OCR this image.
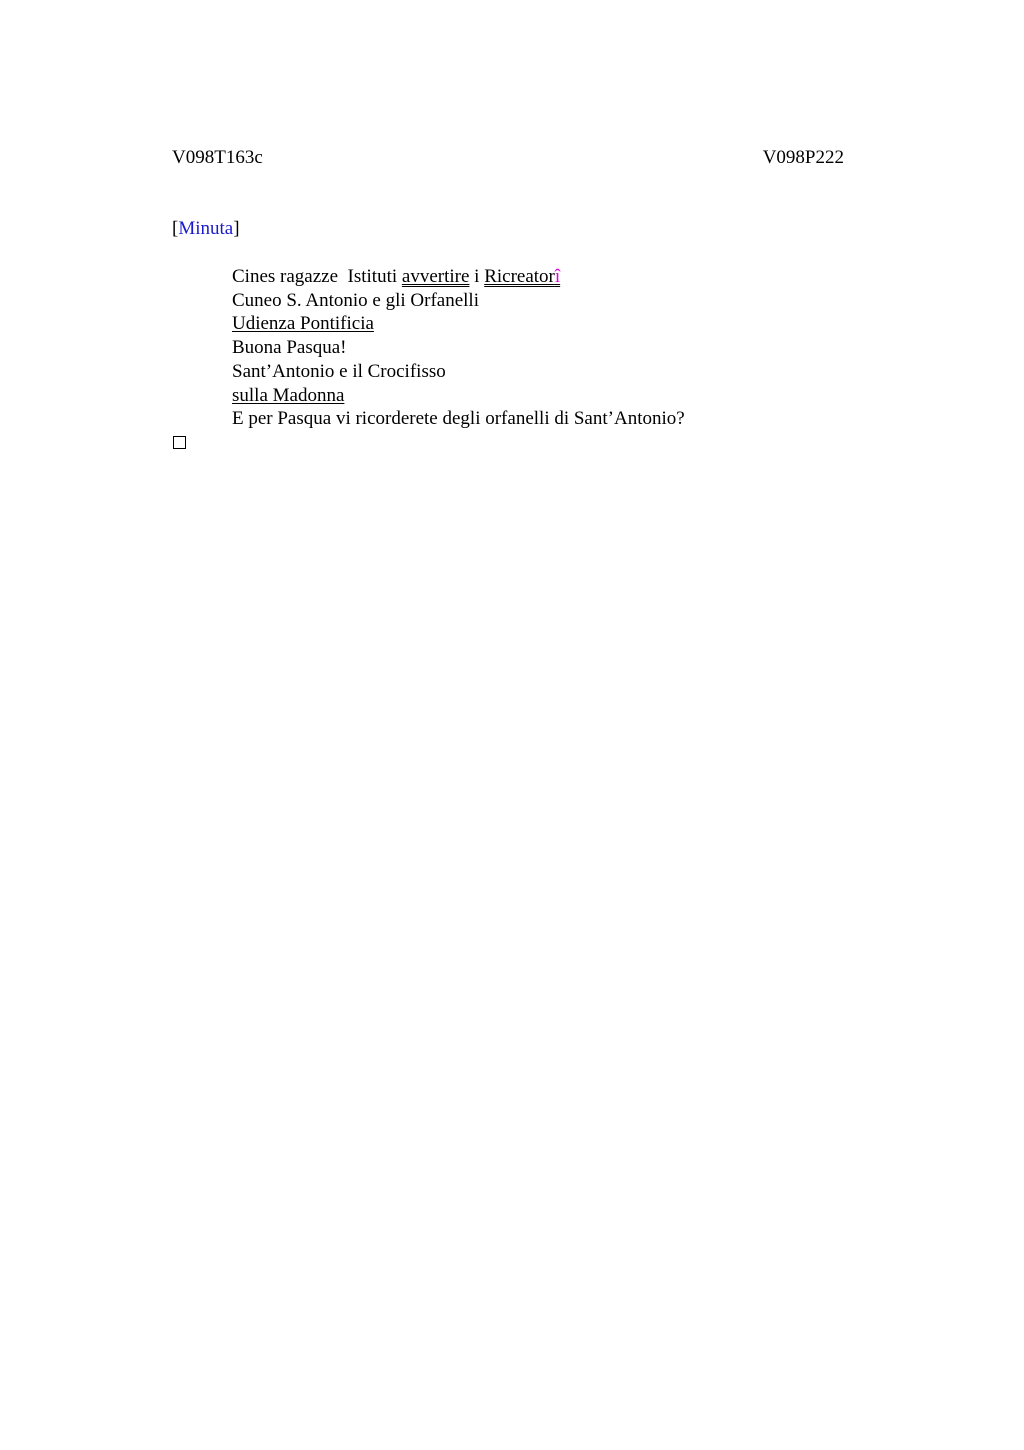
V098T163c	V098P222
[Minuta]
Cines ragazze  Istituti avvertire i Ricreatorî
Cuneo S. Antonio e gli Orfanelli
Udienza Pontificia
Buona Pasqua!
Sant’Antonio e il Crocifisso
sulla Madonna
E per Pasqua vi ricorderete degli orfanelli di Sant’Antonio?
